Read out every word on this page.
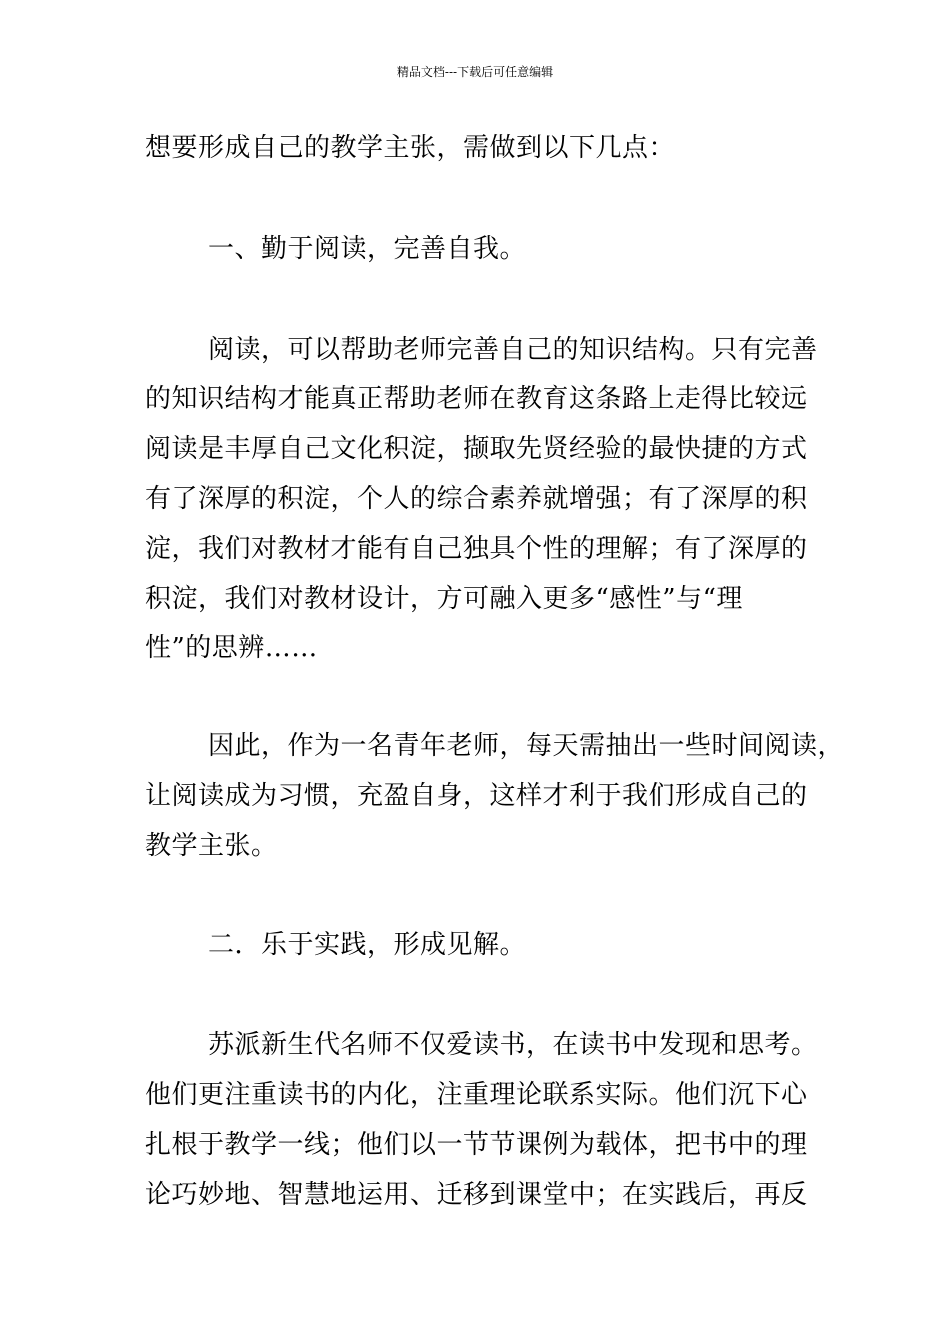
精品文档---下载后可任意编辑
想要形成自己的教学主张，需做到以下几点：
一、勤于阅读，完善自我。
阅读，可以帮助老师完善自己的知识结构。只有完善
的知识结构才能真正帮助老师在教育这条路上走得比较远
阅读是丰厚自己文化积淀，撷取先贤经验的最快捷的方式
有了深厚的积淀，个人的综合素养就增强；有了深厚的积
淀，我们对教材才能有自己独具个性的理解；有了深厚的
积淀，我们对教材设计，方可融入更多“感性”与“理
性”的思辨……
因此，作为一名青年老师，每天需抽出一些时间阅读，
让阅读成为习惯，充盈自身，这样才利于我们形成自己的
教学主张。
二．乐于实践，形成见解。
苏派新生代名师不仅爱读书，在读书中发现和思考。
他们更注重读书的内化，注重理论联系实际。他们沉下心
扎根于教学一线；他们以一节节课例为载体，把书中的理
论巧妙地、智慧地运用、迁移到课堂中；在实践后，再反
